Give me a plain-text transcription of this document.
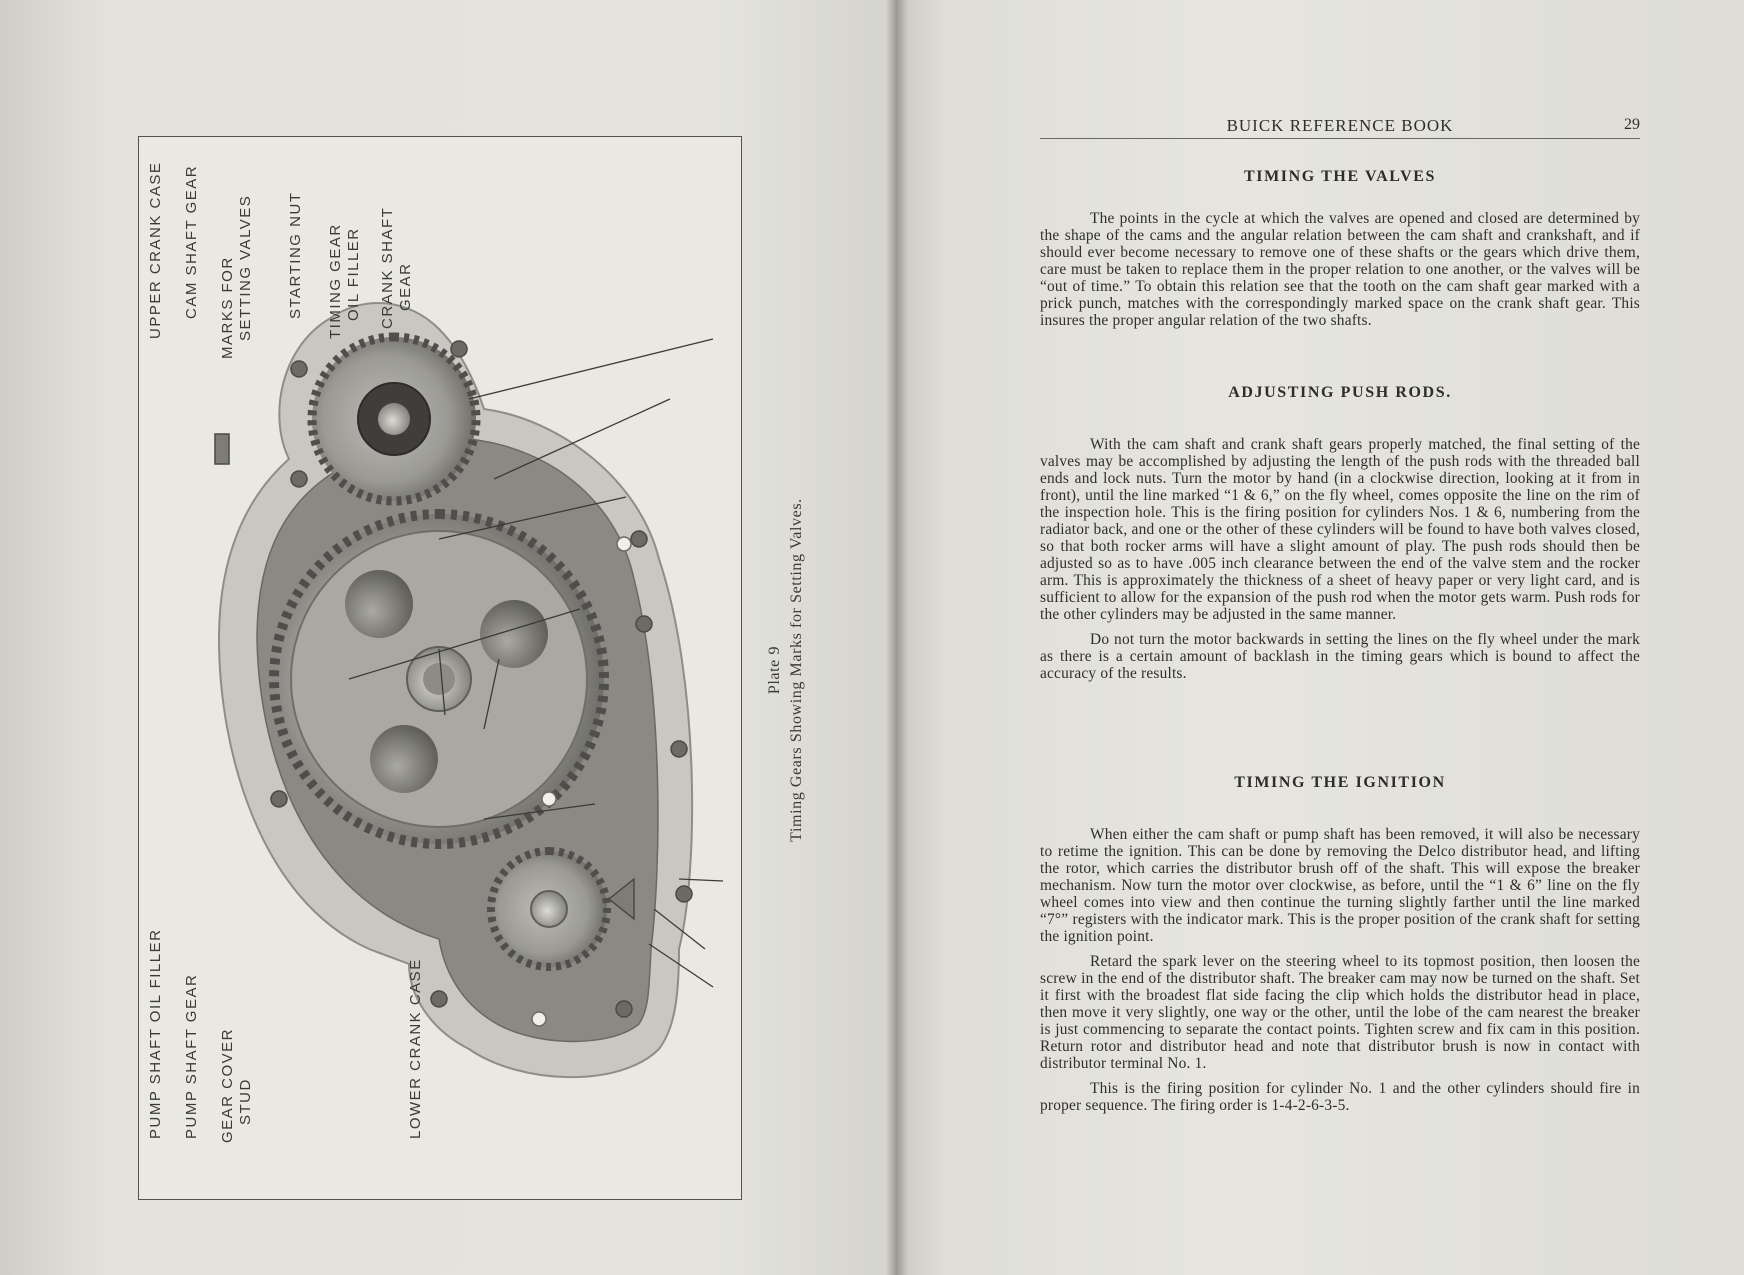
PUMP SHAFT OIL FILLER PUMP SHAFT GEAR GEAR COVER STUD	LOWER CRANK CASE
UPPER CRANK CASE CAM SHAFT GEAR MARKS FOR SETTING VALVES STARTING NUT TIMING GEAR OIL FILLER CRANK SHAFT GEAR
Plate 9 Timing Gears Showing Marks for Setting Valves.
BUICK REFERENCE BOOK	29
TIMING THE VALVES

The points in the cycle at which the valves are opened and closed are determined by the shape of the cams and the angular relation between the cam shaft and crankshaft, and if should ever become necessary to remove one of these shafts or the gears which drive them, care must be taken to replace them in the proper relation to one another, or the valves will be “out of time.” To obtain this relation see that the tooth on the cam shaft gear marked with a prick punch, matches with the correspondingly marked space on the crank shaft gear. This insures the proper angular relation of the two shafts.

ADJUSTING PUSH RODS.

With the cam shaft and crank shaft gears properly matched, the final setting of the valves may be accomplished by adjusting the length of the push rods with the threaded ball ends and lock nuts. Turn the motor by hand (in a clockwise direction, looking at it from in front), until the line marked “1 & 6,” on the fly wheel, comes opposite the line on the rim of the inspection hole. This is the firing position for cylinders Nos. 1 & 6, numbering from the radiator back, and one or the other of these cylinders will be found to have both valves closed, so that both rocker arms will have a slight amount of play. The push rods should then be adjusted so as to have .005 inch clearance between the end of the valve stem and the rocker arm. This is approximately the thickness of a sheet of heavy paper or very light card, and is sufficient to allow for the expansion of the push rod when the motor gets warm. Push rods for the other cylinders may be adjusted in the same manner.

Do not turn the motor backwards in setting the lines on the fly wheel under the mark as there is a certain amount of backlash in the timing gears which is bound to affect the accuracy of the results.

TIMING THE IGNITION

When either the cam shaft or pump shaft has been removed, it will also be necessary to retime the ignition. This can be done by removing the Delco distributor head, and lifting the rotor, which carries the distributor brush off of the shaft. This will expose the breaker mechanism. Now turn the motor over clockwise, as before, until the “1 & 6” line on the fly wheel comes into view and then continue the turning slightly farther until the line marked “7°” registers with the indicator mark. This is the proper position of the crank shaft for setting the ignition point.

Retard the spark lever on the steering wheel to its topmost position, then loosen the screw in the end of the distributor shaft. The breaker cam may now be turned on the shaft. Set it first with the broadest flat side facing the clip which holds the distributor head in place, then move it very slightly, one way or the other, until the lobe of the cam nearest the breaker is just commencing to separate the contact points. Tighten screw and fix cam in this position. Return rotor and distributor head and note that distributor brush is now in contact with distributor terminal No. 1.

This is the firing position for cylinder No. 1 and the other cylinders should fire in proper sequence. The firing order is 1-4-2-6-3-5.
